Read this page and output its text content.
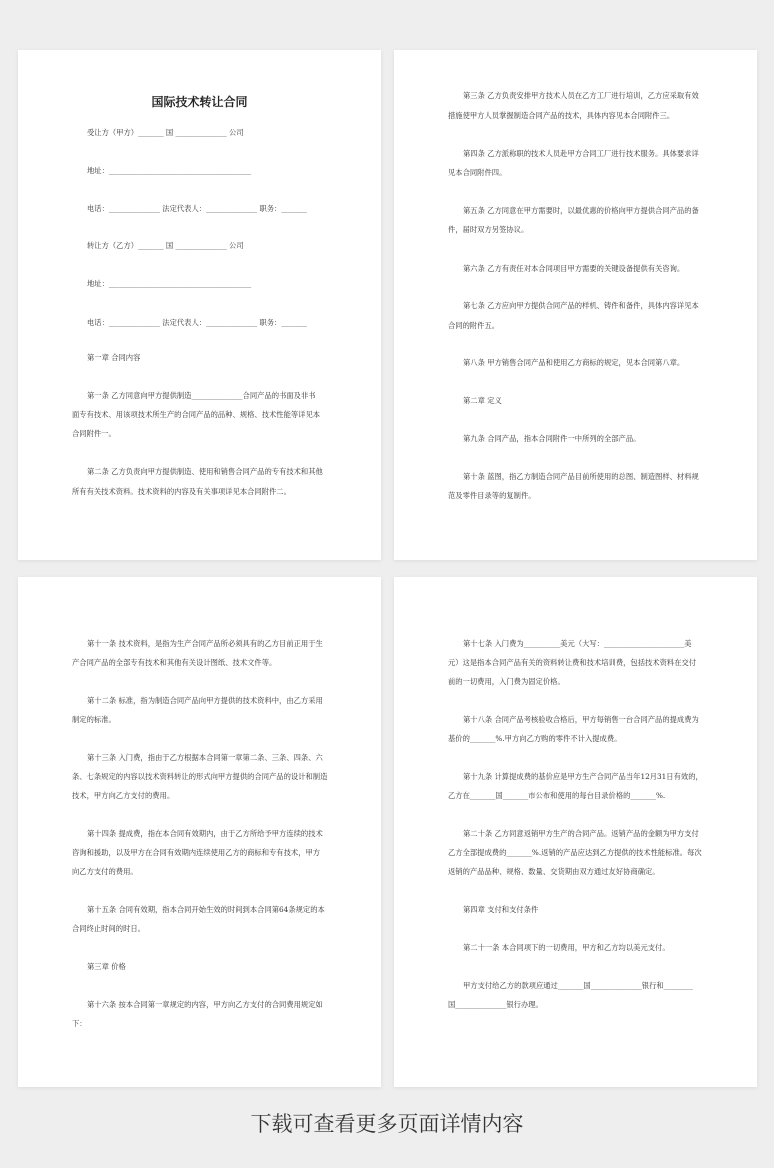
国际技术转让合同
受让方（甲方）_______ 国 ______________ 公司
地址：_______________________________________
电话：______________ 法定代表人：______________ 职务：_______
转让方（乙方）_______ 国 ______________ 公司
地址：_______________________________________
电话：______________ 法定代表人：______________ 职务：_______
第一章 合同内容
第一条 乙方同意向甲方提供制造______________合同产品的书面及非书
面专有技术、用该项技术所生产的合同产品的品种、规格、技术性能等详见本
合同附件一。
第二条 乙方负责向甲方提供制造、使用和销售合同产品的专有技术和其他
所有有关技术资料。技术资料的内容及有关事项详见本合同附件二。
第三条 乙方负责安排甲方技术人员在乙方工厂进行培训，乙方应采取有效
措施使甲方人员掌握制造合同产品的技术，具体内容见本合同附件三。
第四条 乙方派称职的技术人员赴甲方合同工厂进行技术服务。具体要求详
见本合同附件四。
第五条 乙方同意在甲方需要时，以最优惠的价格向甲方提供合同产品的备
件，届时双方另签协议。
第六条 乙方有责任对本合同项目甲方需要的关键设备提供有关咨询。
第七条 乙方应向甲方提供合同产品的样机、铸件和备件，具体内容详见本
合同的附件五。
第八条 甲方销售合同产品和使用乙方商标的规定，见本合同第八章。
第二章 定义
第九条 合同产品，指本合同附件一中所列的全部产品。
第十条 蓝图，指乙方制造合同产品目前所使用的总图、制造图样、材料规
范及零件目录等的复制件。
第十一条 技术资料，是指为生产合同产品所必须具有的乙方目前正用于生
产合同产品的全部专有技术和其他有关设计图纸、技术文件等。
第十二条 标准，指为制造合同产品向甲方提供的技术资料中，由乙方采用
制定的标准。
第十三条 入门费，指由于乙方根据本合同第一章第二条、三条、四条、六
条、七条规定的内容以技术资料转让的形式向甲方提供的合同产品的设计和制造
技术，甲方向乙方支付的费用。
第十四条 提成费，指在本合同有效期内，由于乙方所给予甲方连续的技术
咨询和援助，以及甲方在合同有效期内连续使用乙方的商标和专有技术，甲方
向乙方支付的费用。
第十五条 合同有效期，指本合同开始生效的时间到本合同第64条规定的本
合同终止时间的时日。
第三章 价格
第十六条 按本合同第一章规定的内容，甲方向乙方支付的合同费用规定如
下：
第十七条 入门费为__________美元（大写：______________________美
元）这是指本合同产品有关的资料转让费和技术培训费，包括技术资料在交付
前的一切费用，入门费为固定价格。
第十八条 合同产品考核验收合格后，甲方每销售一台合同产品的提成费为
基价的_______%.甲方向乙方购的零件不计入提成费。
第十九条 计算提成费的基价应是甲方生产合同产品当年12月31日有效的，
乙方在_______国_______市公布和使用的每台目录价格的_______%.
第二十条 乙方同意返销甲方生产的合同产品。返销产品的金额为甲方支付
乙方全部提成费的_______%.返销的产品应达到乙方提供的技术性能标准。每次
返销的产品品种、规格、数量、交货期由双方通过友好协商确定。
第四章 支付和支付条件
第二十一条 本合同项下的一切费用，甲方和乙方均以美元支付。
甲方支付给乙方的款项应通过_______国______________银行和________
国______________银行办理。
下载可查看更多页面详情内容
